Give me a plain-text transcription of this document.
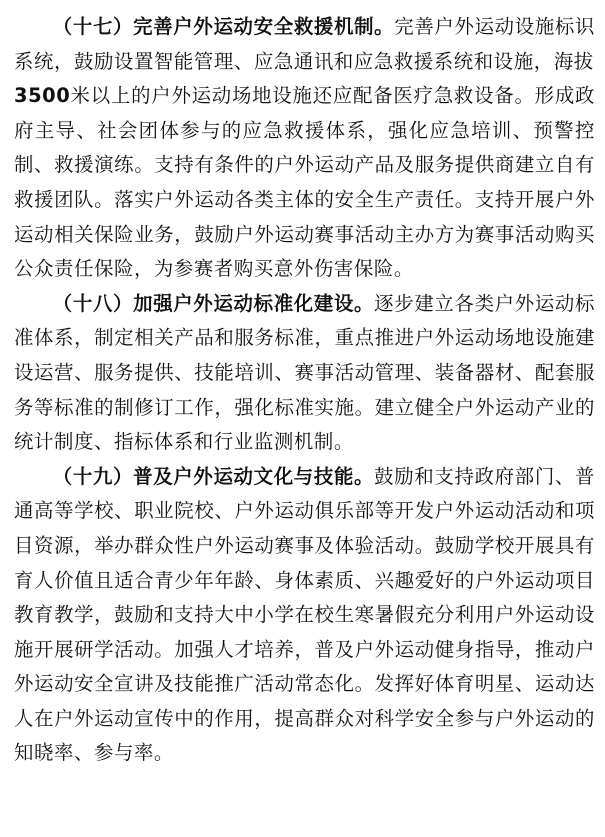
（十七）完善户外运动安全救援机制。完善户外运动设施标识系统，鼓励设置智能管理、应急通讯和应急救援系统和设施，海拔
3500米以上的户外运动场地设施还应配备医疗急救设备。形成政府主导、社会团体参与的应急救援体系，强化应急培训、预警控制、救援演练。支持有条件的户外运动产品及服务提供商建立自有救援团队。落实户外运动各类主体的安全生产责任。支持开展户外运动相关保险业务，鼓励户外运动赛事活动主办方为赛事活动购买公众责任保险，为参赛者购买意外伤害保险。

（十八）加强户外运动标准化建设。逐步建立各类户外运动标准体系，制定相关产品和服务标准，重点推进户外运动场地设施建设运营、服务提供、技能培训、赛事活动管理、装备器材、配套服务等标准的制修订工作，强化标准实施。建立健全户外运动产业的统计制度、指标体系和行业监测机制。

（十九）普及户外运动文化与技能。鼓励和支持政府部门、普通高等学校、职业院校、户外运动俱乐部等开发户外运动活动和项目资源，举办群众性户外运动赛事及体验活动。鼓励学校开展具有育人价值且适合青少年年龄、身体素质、兴趣爱好的户外运动项目教育教学，鼓励和支持大中小学在校生寒暑假充分利用户外运动设施开展研学活动。加强人才培养，普及户外运动健身指导，推动户外运动安全宣讲及技能推广活动常态化。发挥好体育明星、运动达人在户外运动宣传中的作用，提高群众对科学安全参与户外运动的知晓率、参与率。
